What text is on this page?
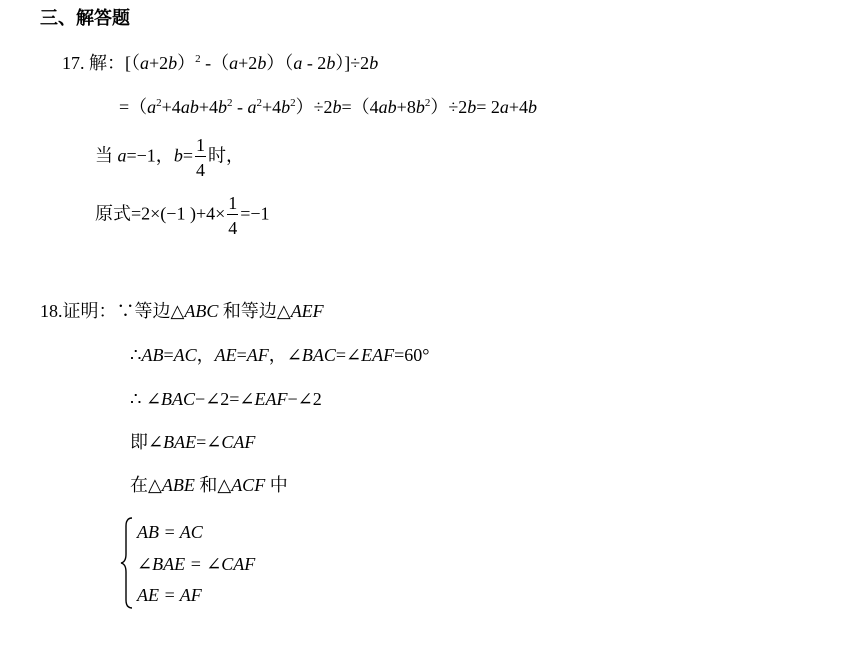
三、解答题
17. 解：[$(a+2b)^2$ -（a+2b）（a - 2b）]÷2b
$=(a^2+4ab+4b^2 - a^2+4b^2)\div 2b=(4ab+8b^2)\div 2b= 2a+4b$
当 a=−1，$b= \frac{1}{4}$ 时，
原式=2×(−1 )$+4\times \frac{1}{4} =-1$
18.证明：∵等边△ABC 和等边△AEF
∴AB=AC，AE=AF，∠BAC=∠EAF=60°
∴ ∠BAC−∠2=∠EAF−∠2
即∠BAE=∠CAF
在△ABE 和△ACF 中
AB = AC
∠BAE = ∠CAF
AE = AF
